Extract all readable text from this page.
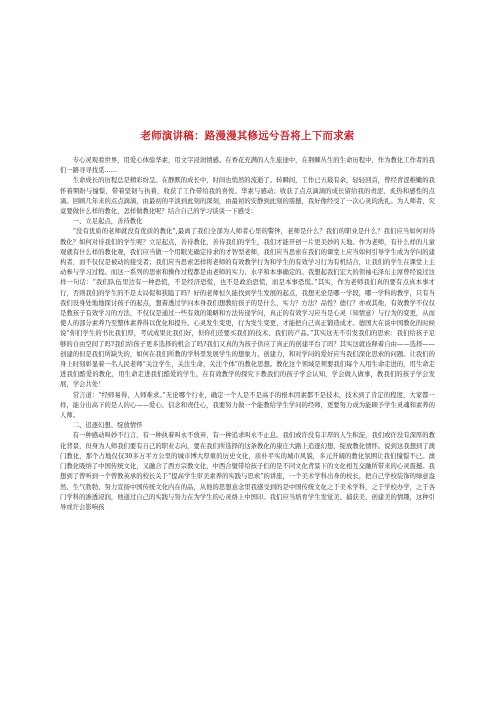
老师演讲稿：路漫漫其修远兮吾将上下而求索

专心灵观看世界，用爱心体验华素，用文字浸润情感。在香花充满的人生旅途中，在荆棘丛生的生命历程中，作为教化工作者的我们一路寻寻找觅……

生命成长的历程总是精彩纷呈。在静默的成长中，时间也悄然的流逝了。转瞬间，工作已五载有余，轻轻回首，曾经青涩稚嫩的我怀着期盼与憧憬，带着坚韧与执着，收获了工作带给我的喜悦、华素与感动；收获了点点滴滴的成长留给我的责涩、炙热和感性的点滴。回顾几年来的点点滴滴，由最初的平淡到此刻的深刻，由最初的安静到此刻的震撼，我好像经受了一次心灵的洗礼。为人师者，究竟要做什么样的教化，怎样做教化呢？结合自己的学习谈谈一下感受：

一、立足起点，善待教化

“没有优质的老师就没有优质的教化”,最离了我们全部为人师者心里的警钟，老师是什么？我们的职业是什么？我们应当如何对待教化？如何对待我们的学生呢？立足起点，善待教化，善待我们的学生，我们才能开创一片更美妙的天地。作为老师，有什么样的儿童观就有什么样的教化观，我们应当做一个用眼光确定待求的才智型老师，我们应当思索在我们的课堂上应当如何引导学生成为学问的建构者，而不仅仅是被动的接受者；我们应当思索怎样将老师的有效教学行为和学生的有效学习行为有机结合，让我们的学生在课堂上主动参与学习过程。而这一系列的思索和操作过程都是由老师的实力、水平和本事确定的。我想起我们宏大的领袖毛泽东主席曾经说过这样一句话：“我们队伍里边有一种恐慌，不是经济恐慌，也不是政治恐慌，而是本事恐慌。”其实，作为老师我们真的要有点真本事才行，否则我们的学生的不是太局促和狭隘了吗？好的老师恒久能找到学生发展的起点，我想无论是哪一学段，哪一学科的教学，只有当我们设身处地地探讨孩子的起点，想着透过学问本身我们想教给孩子的是什么，实力？方法？品性？德行？亦或其他，有效教学不仅仅是教孩子有效学习的方法，不仅仅是通过一些有效的策略和方法传递学问，真正的有效学习应当是心灵（知情意）与行为的变更，从而使人的部分素养乃至整体素养得以优化和提升。心灵发生变更，行为发生变更，才能把自己真正锻造成才。德国大在谈中国教化的时候说“你们学生的书比我们厚，考试成果比我们好，但你们还要买我们的技术、我们的产品。”其实这无不引发我们的思索：我们给孩子足够的自由空间了吗?我们给孩子更多选择的机会了吗?我们又真的为孩子供应了真正的创建平台了吗？其实这就诠释着自由——选择——创建的但是我们所缺失的，如何在我们所教的学科里发展学生的想象力、创建力，和对学问的爱好应当我们深化思索的问题。让我们的身上时刻彰显着一名人民老师“关注学生，关注生命，关注个体”的教化思想。教化这个领域是须要我们每个人用生命走进的，用生命走进我们酷爱的教化，用生命走进我们酷爱的学生，在有效教学的探究下教我们的孩子学会认知，学会做人做事，教我们的孩子学会发展，学会共处！

常言道：“经师易得，人师难求。”无论哪个行业，确定一个人是不是高手的根本因素都不是技术，技术到了肯定的程度，大家都一样，能分出高下的是人的心——爱心、信念和责任心，我要努力做一个能教给学生学问的经师，更要努力成为能顾予学生灵魂和素养的人师。

二、追逐幻想、绽放情怀

有一种感动叫妙不行言，有一种执着叫永不放弃，有一种追求叫永不止息。我们或许没有丰厚的人生积淀，我们或许没有深厚的教化背景，但身为人师我们要有自己的职业志向，要在我们所选择的这条教化的康庄大路上追逐幻想，绽放教化情怀。说到这我想到了澳门教化，那个占地仅仅30多万平方公里的城市博大厚重的历史文化，质朴平实的城市风貌，多元开阔的教化氛围让我们憧憬不已。澳门教化吸纳了中国传统文化，又融合了西方宗教文化，中西合璧带给孩子们的是不同文化背景下的文化相互交融所带来的心灵震撼。我想到了曾听到一个曾教英承的校长关于“提高学生审美素养的实践与思索”的讲座，一个美术学科出身的校长，把自己学校装饰的绿意盎然、生气勃勃，努力宣扬中国传统文化内在的品，从他的思想意念里我感受到的是中国传统文化之于美术学科，之于学校办学，之于各门学科的渗透浸润，他通过自己的实践与努力在为学生的心灵烙上中国印。我们应当培育学生发觉美、捕获美、创建美的情趣，这种引导或许会影响孩
